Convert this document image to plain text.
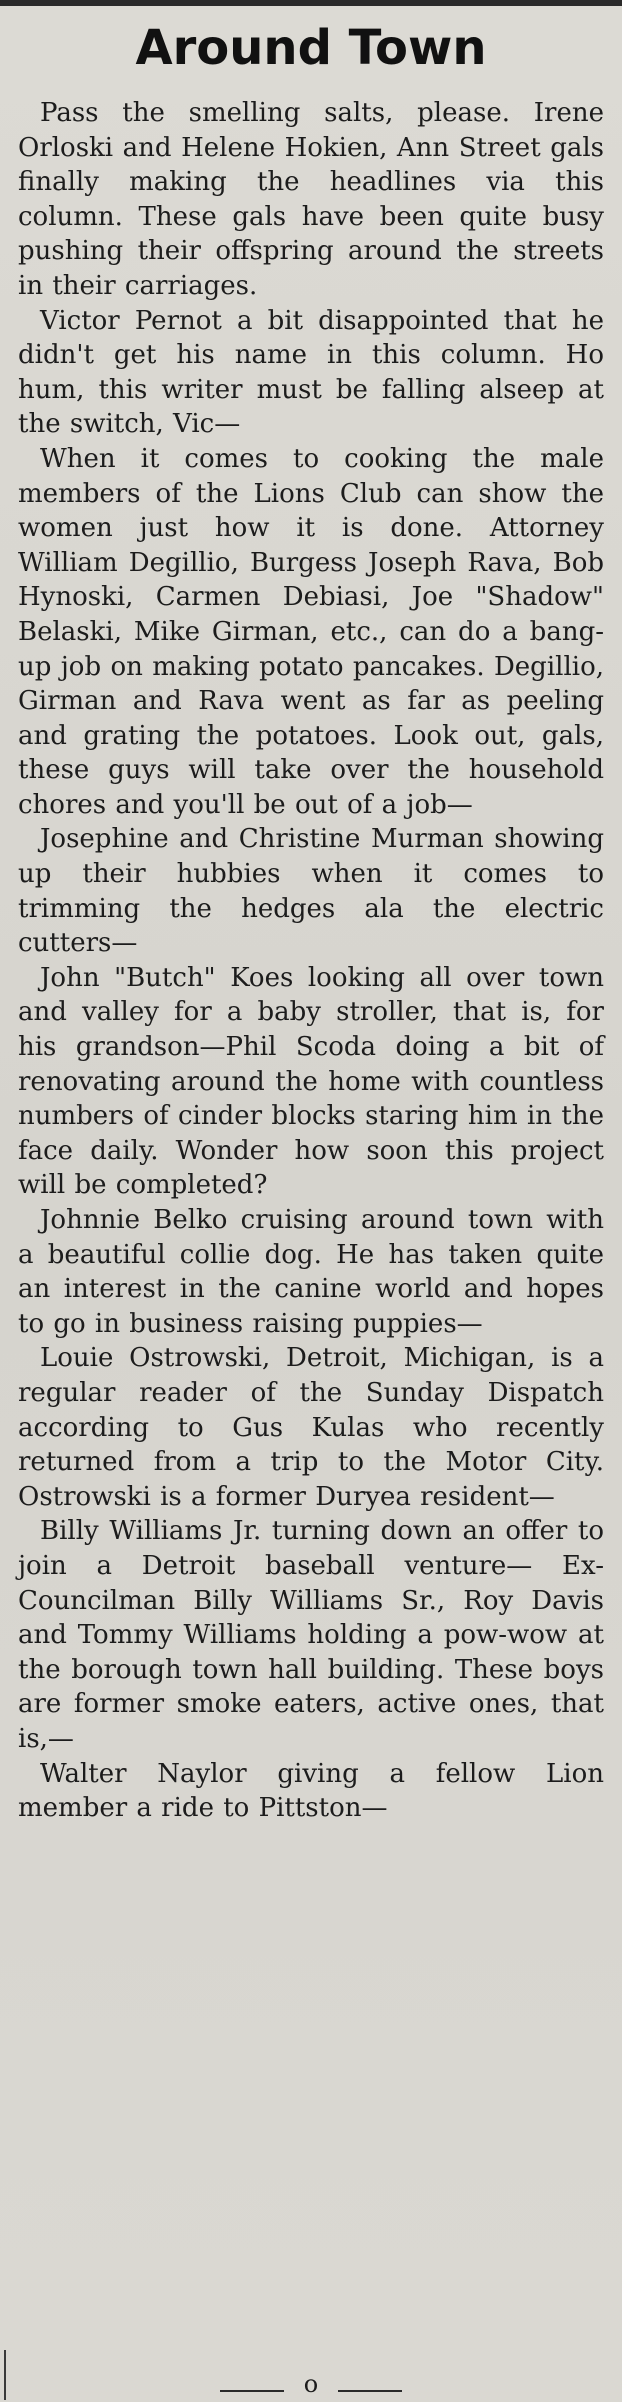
Around Town

Pass the smelling salts, please. Irene Orloski and Helene Hokien, Ann Street gals finally making the headlines via this column. These gals have been quite busy pushing their offspring around the streets in their carriages.

Victor Pernot a bit disappointed that he didn't get his name in this column. Ho hum, this writer must be falling alseep at the switch, Vic—

When it comes to cooking the male members of the Lions Club can show the women just how it is done. Attorney William Degillio, Burgess Joseph Rava, Bob Hynoski, Carmen Debiasi, Joe "Shadow" Belaski, Mike Girman, etc., can do a bang-up job on making potato pancakes. Degillio, Girman and Rava went as far as peeling and grating the potatoes. Look out, gals, these guys will take over the household chores and you'll be out of a job—

Josephine and Christine Murman showing up their hubbies when it comes to trimming the hedges ala the electric cutters—

John "Butch" Koes looking all over town and valley for a baby stroller, that is, for his grandson—Phil Scoda doing a bit of renovating around the home with countless numbers of cinder blocks staring him in the face daily. Wonder how soon this project will be completed?

Johnnie Belko cruising around town with a beautiful collie dog. He has taken quite an interest in the canine world and hopes to go in business raising puppies—

Louie Ostrowski, Detroit, Michigan, is a regular reader of the Sunday Dispatch according to Gus Kulas who recently returned from a trip to the Motor City. Ostrowski is a former Duryea resident—

Billy Williams Jr. turning down an offer to join a Detroit baseball venture— Ex-Councilman Billy Williams Sr., Roy Davis and Tommy Williams holding a pow-wow at the borough town hall building. These boys are former smoke eaters, active ones, that is,—

Walter Naylor giving a fellow Lion member a ride to Pittston—

o
